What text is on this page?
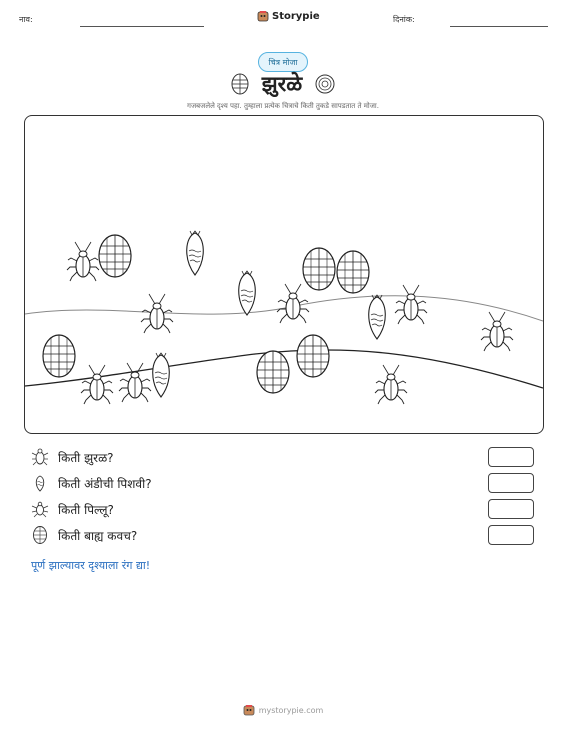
नाव:	Storypie	दिनांक:
चित्र मोजा
झुरळे
गजबजलेले दृश्य पहा. तुम्हाला प्रत्येक चित्राचे किती तुकडे सापडतात ते मोजा.
किती झुरळ?
किती अंडीची पिशवी?
किती पिल्लू?
किती बाह्य कवच?
पूर्ण झाल्यावर दृश्याला रंग द्या!
mystorypie.com
